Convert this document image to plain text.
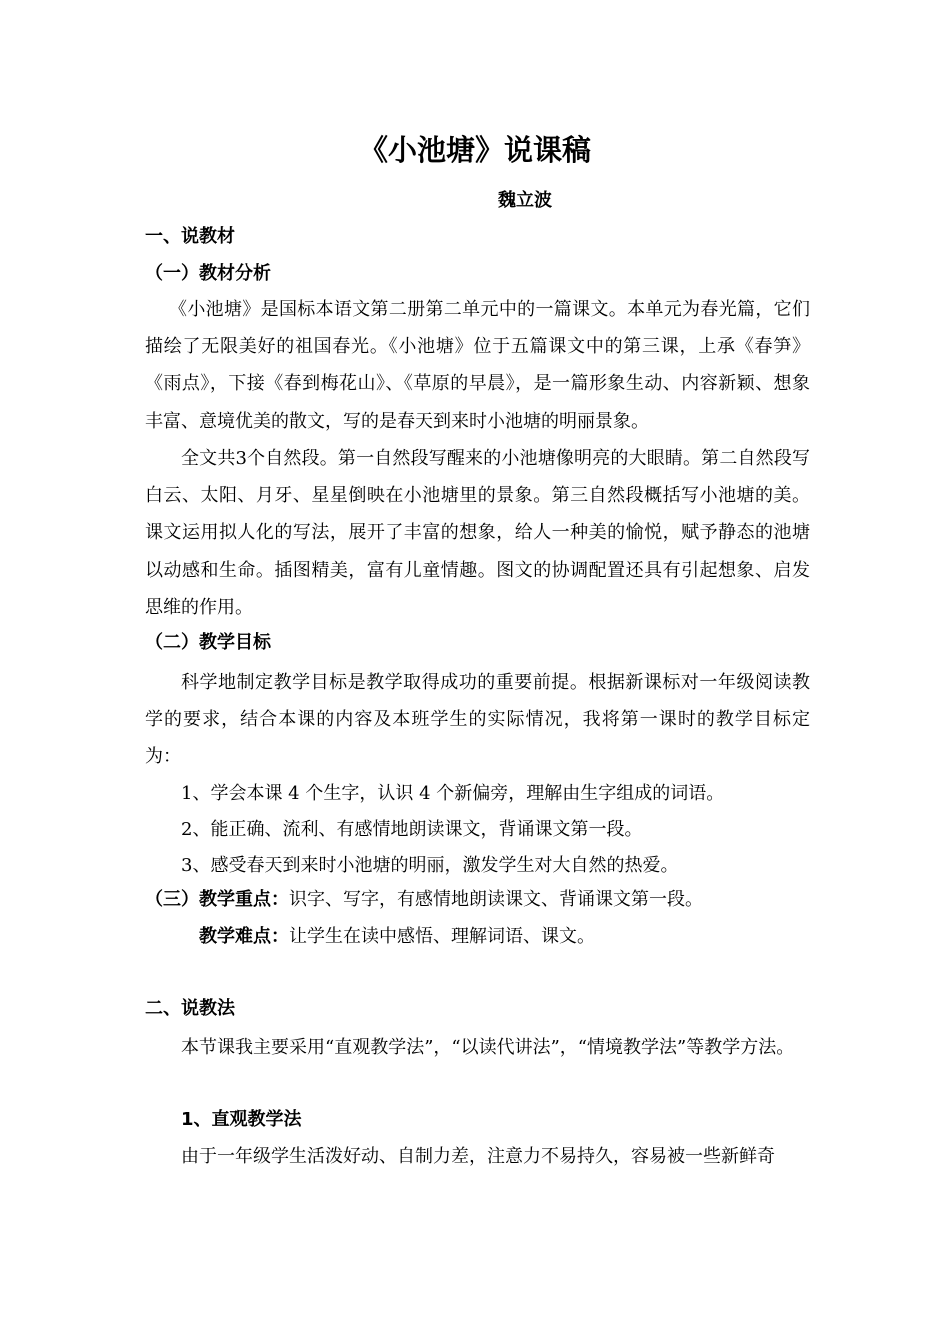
《小池塘》说课稿
魏立波
一、说教材
（一）教材分析
《小池塘》是国标本语文第二册第二单元中的一篇课文。本单元为春光篇，它们描绘了无限美好的祖国春光。《小池塘》位于五篇课文中的第三课，上承《春笋》《雨点》，下接《春到梅花山》、《草原的早晨》，是一篇形象生动、内容新颖、想象丰富、意境优美的散文，写的是春天到来时小池塘的明丽景象。
全文共3个自然段。第一自然段写醒来的小池塘像明亮的大眼睛。第二自然段写白云、太阳、月牙、星星倒映在小池塘里的景象。第三自然段概括写小池塘的美。课文运用拟人化的写法，展开了丰富的想象，给人一种美的愉悦，赋予静态的池塘以动感和生命。插图精美，富有儿童情趣。图文的协调配置还具有引起想象、启发思维的作用。
（二）教学目标
科学地制定教学目标是教学取得成功的重要前提。根据新课标对一年级阅读教学的要求，结合本课的内容及本班学生的实际情况，我将第一课时的教学目标定为：
1、学会本课 4 个生字，认识 4 个新偏旁，理解由生字组成的词语。
2、能正确、流利、有感情地朗读课文，背诵课文第一段。
3、感受春天到来时小池塘的明丽，激发学生对大自然的热爱。
（三）教学重点：识字、写字，有感情地朗读课文、背诵课文第一段。
教学难点：让学生在读中感悟、理解词语、课文。
二、说教法
本节课我主要采用“直观教学法”，“以读代讲法”，“情境教学法”等教学方法。
1、直观教学法
由于一年级学生活泼好动、自制力差，注意力不易持久，容易被一些新鲜奇
